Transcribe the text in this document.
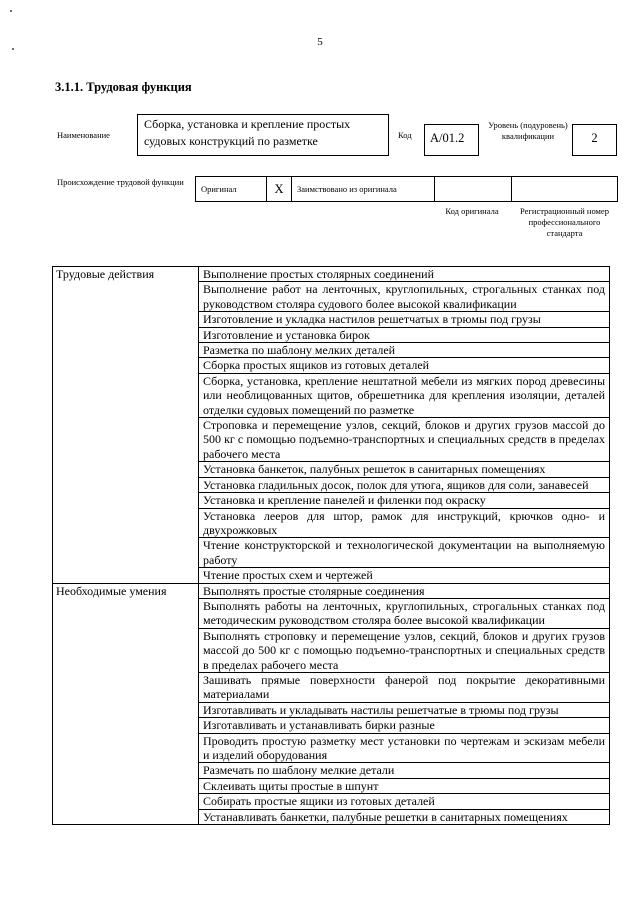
5
3.1.1. Трудовая функция
Наименование
Сборка, установка и крепление простых судовых конструкций по разметке	Код	А/01.2
Уровень (подуровень) квалификации	2
Происхождение трудовой функции
Оригинал	X	Заимствовано из оригинала		
Код оригинала	Регистрационный номер профессионального стандарта
Трудовые действия	Выполнение простых столярных соединений
	Выполнение работ на ленточных, круглопильных, строгальных станках под руководством столяра судового более высокой квалификации
	Изготовление и укладка настилов решетчатых в трюмы под грузы
	Изготовление и установка бирок
	Разметка по шаблону мелких деталей
	Сборка простых ящиков из готовых деталей
	Сборка, установка, крепление нештатной мебели из мягких пород древесины или необлицованных щитов, обрешетника для крепления изоляции, деталей отделки судовых помещений по разметке
	Строповка и перемещение узлов, секций, блоков и других грузов массой до 500 кг с помощью подъемно-транспортных и специальных средств в пределах рабочего места
	Установка банкеток, палубных решеток в санитарных помещениях
	Установка гладильных досок, полок для утюга, ящиков для соли, занавесей
	Установка и крепление панелей и филенки под окраску
	Установка лееров для штор, рамок для инструкций, крючков одно- и двухрожковых
	Чтение конструкторской и технологической документации на выполняемую работу
	Чтение простых схем и чертежей
Необходимые умения	Выполнять простые столярные соединения
	Выполнять работы на ленточных, круглопильных, строгальных станках под методическим руководством столяра более высокой квалификации
	Выполнять строповку и перемещение узлов, секций, блоков и других грузов массой до 500 кг с помощью подъемно-транспортных и специальных средств в пределах рабочего места
	Зашивать прямые поверхности фанерой под покрытие декоративными материалами
	Изготавливать и укладывать настилы решетчатые в трюмы под грузы
	Изготавливать и устанавливать бирки разные
	Проводить простую разметку мест установки по чертежам и эскизам мебели и изделий оборудования
	Размечать по шаблону мелкие детали
	Склеивать щиты простые в шпунт
	Собирать простые ящики из готовых деталей
	Устанавливать банкетки, палубные решетки в санитарных помещениях
